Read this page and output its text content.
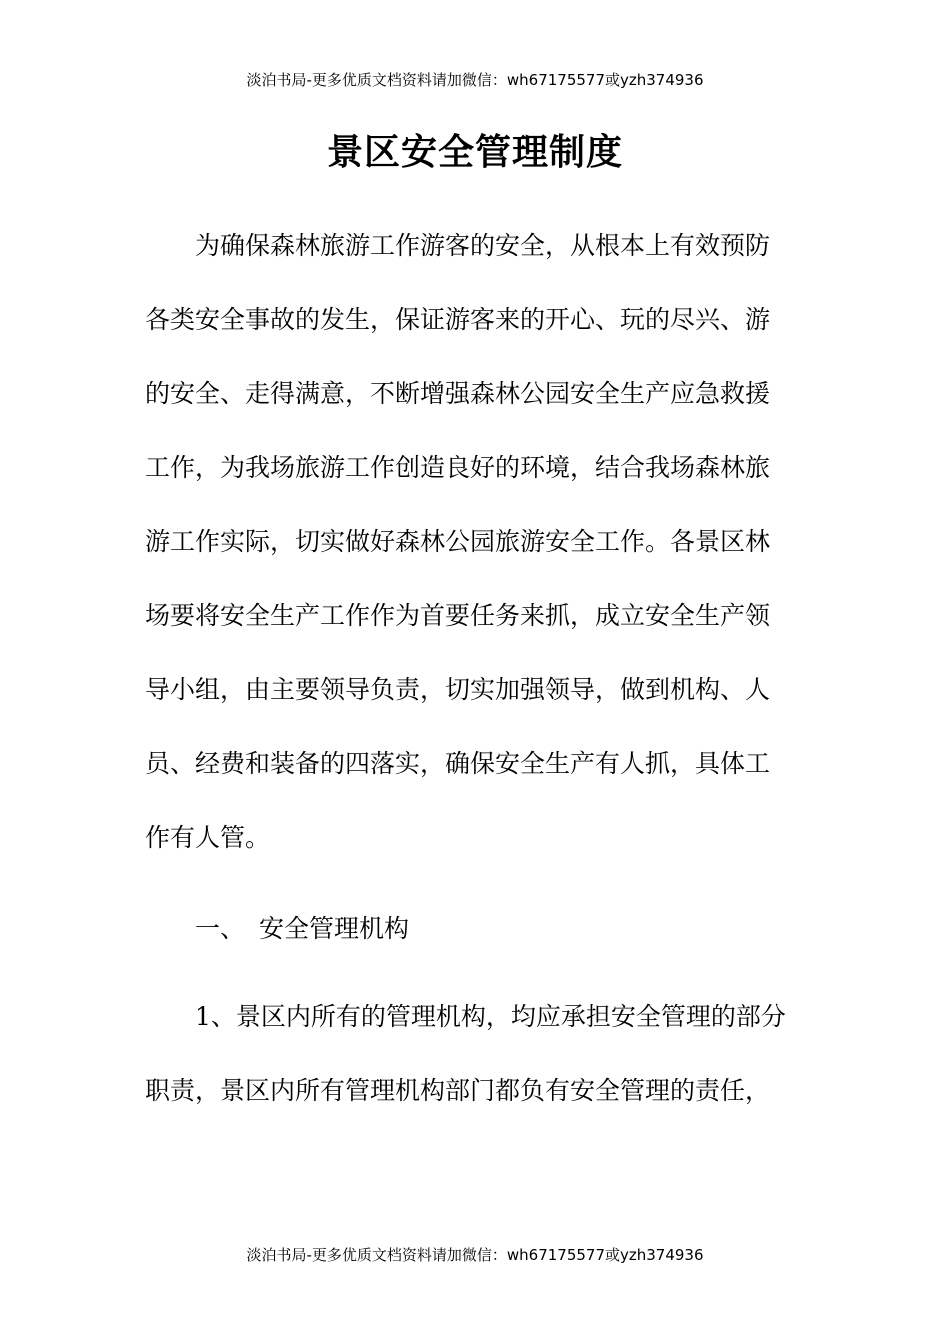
淡泊书局-更多优质文档资料请加微信：wh67175577或yzh374936
景区安全管理制度
为确保森林旅游工作游客的安全，从根本上有效预防
各类安全事故的发生，保证游客来的开心、玩的尽兴、游
的安全、走得满意，不断增强森林公园安全生产应急救援
工作，为我场旅游工作创造良好的环境，结合我场森林旅
游工作实际，切实做好森林公园旅游安全工作。各景区林
场要将安全生产工作作为首要任务来抓，成立安全生产领
导小组，由主要领导负责，切实加强领导，做到机构、人
员、经费和装备的四落实，确保安全生产有人抓，具体工
作有人管。
一、 安全管理机构
1、景区内所有的管理机构，均应承担安全管理的部分
职责，景区内所有管理机构部门都负有安全管理的责任，
淡泊书局-更多优质文档资料请加微信：wh67175577或yzh374936
